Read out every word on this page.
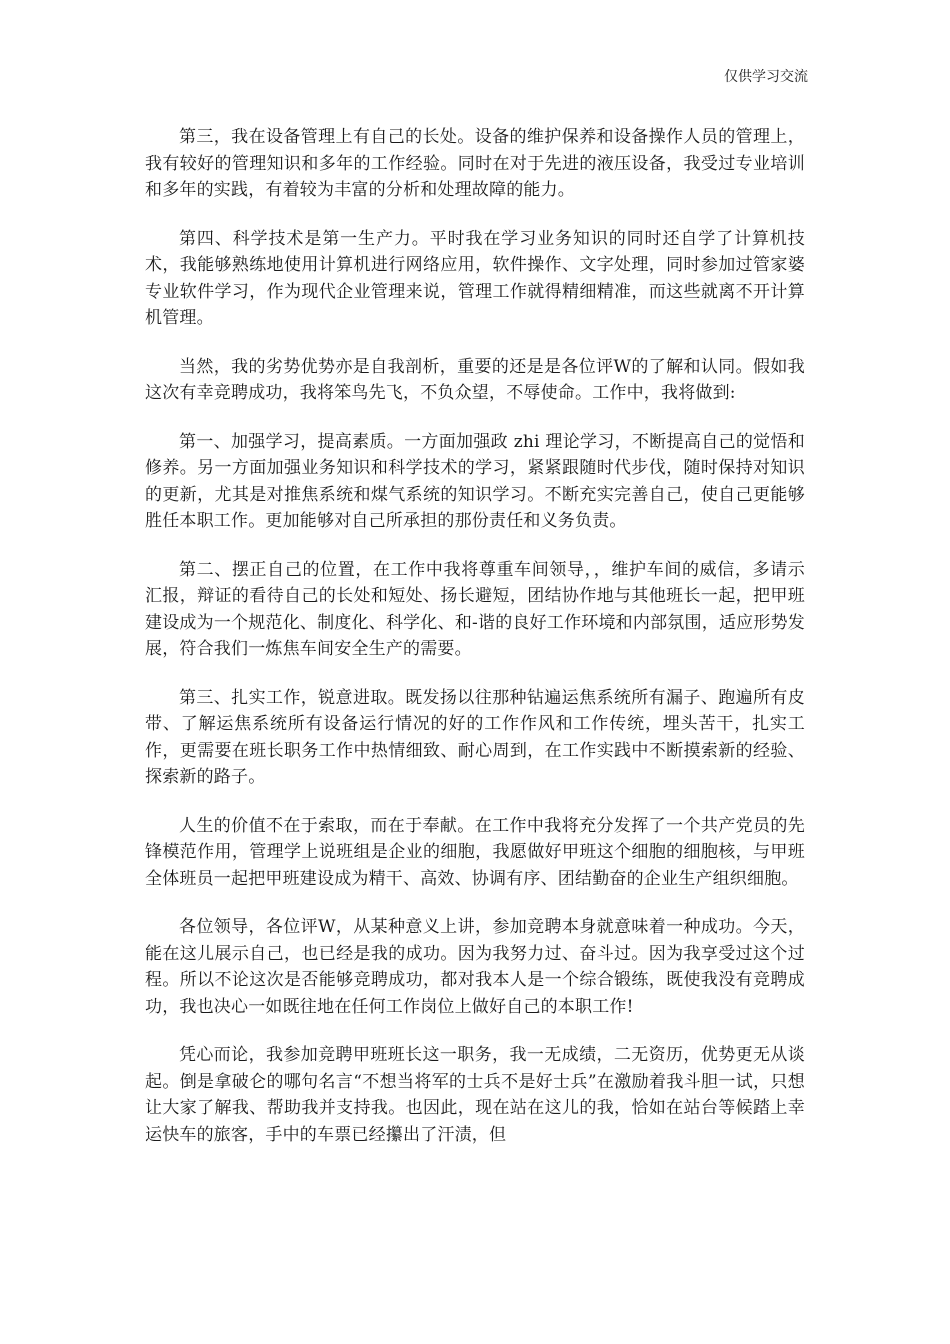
仅供学习交流

第三，我在设备管理上有自己的长处。设备的维护保养和设备操作人员的管理上，我有较好的管理知识和多年的工作经验。同时在对于先进的液压设备，我受过专业培训和多年的实践，有着较为丰富的分析和处理故障的能力。

第四、科学技术是第一生产力。平时我在学习业务知识的同时还自学了计算机技术，我能够熟练地使用计算机进行网络应用，软件操作、文字处理，同时参加过管家婆专业软件学习，作为现代企业管理来说，管理工作就得精细精准，而这些就离不开计算机管理。

当然，我的劣势优势亦是自我剖析，重要的还是是各位评W的了解和认同。假如我这次有幸竞聘成功，我将笨鸟先飞，不负众望，不辱使命。工作中，我将做到:

第一、加强学习，提高素质。一方面加强政 zhi 理论学习，不断提高自己的觉悟和修养。另一方面加强业务知识和科学技术的学习，紧紧跟随时代步伐，随时保持对知识的更新，尤其是对推焦系统和煤气系统的知识学习。不断充实完善自己，使自己更能够胜任本职工作。更加能够对自己所承担的那份责任和义务负责。

第二、摆正自己的位置，在工作中我将尊重车间领导，，维护车间的威信，多请示汇报，辩证的看待自己的长处和短处、扬长避短，团结协作地与其他班长一起，把甲班建设成为一个规范化、制度化、科学化、和-谐的良好工作环境和内部氛围，适应形势发展，符合我们一炼焦车间安全生产的需要。

第三、扎实工作，锐意进取。既发扬以往那种钻遍运焦系统所有漏子、跑遍所有皮带、了解运焦系统所有设备运行情况的好的工作作风和工作传统，埋头苦干，扎实工作，更需要在班长职务工作中热情细致、耐心周到，在工作实践中不断摸索新的经验、探索新的路子。

人生的价值不在于索取，而在于奉献。在工作中我将充分发挥了一个共产党员的先锋模范作用，管理学上说班组是企业的细胞，我愿做好甲班这个细胞的细胞核，与甲班全体班员一起把甲班建设成为精干、高效、协调有序、团结勤奋的企业生产组织细胞。

各位领导，各位评W，从某种意义上讲，参加竞聘本身就意味着一种成功。今天，能在这儿展示自己，也已经是我的成功。因为我努力过、奋斗过。因为我享受过这个过程。所以不论这次是否能够竞聘成功，都对我本人是一个综合锻练，既使我没有竞聘成功，我也决心一如既往地在任何工作岗位上做好自己的本职工作!

凭心而论，我参加竞聘甲班班长这一职务，我一无成绩，二无资历，优势更无从谈起。倒是拿破仑的哪句名言“不想当将军的士兵不是好士兵”在激励着我斗胆一试，只想让大家了解我、帮助我并支持我。也因此，现在站在这儿的我，恰如在站台等候踏上幸运快车的旅客，手中的车票已经攥出了汗渍，但
